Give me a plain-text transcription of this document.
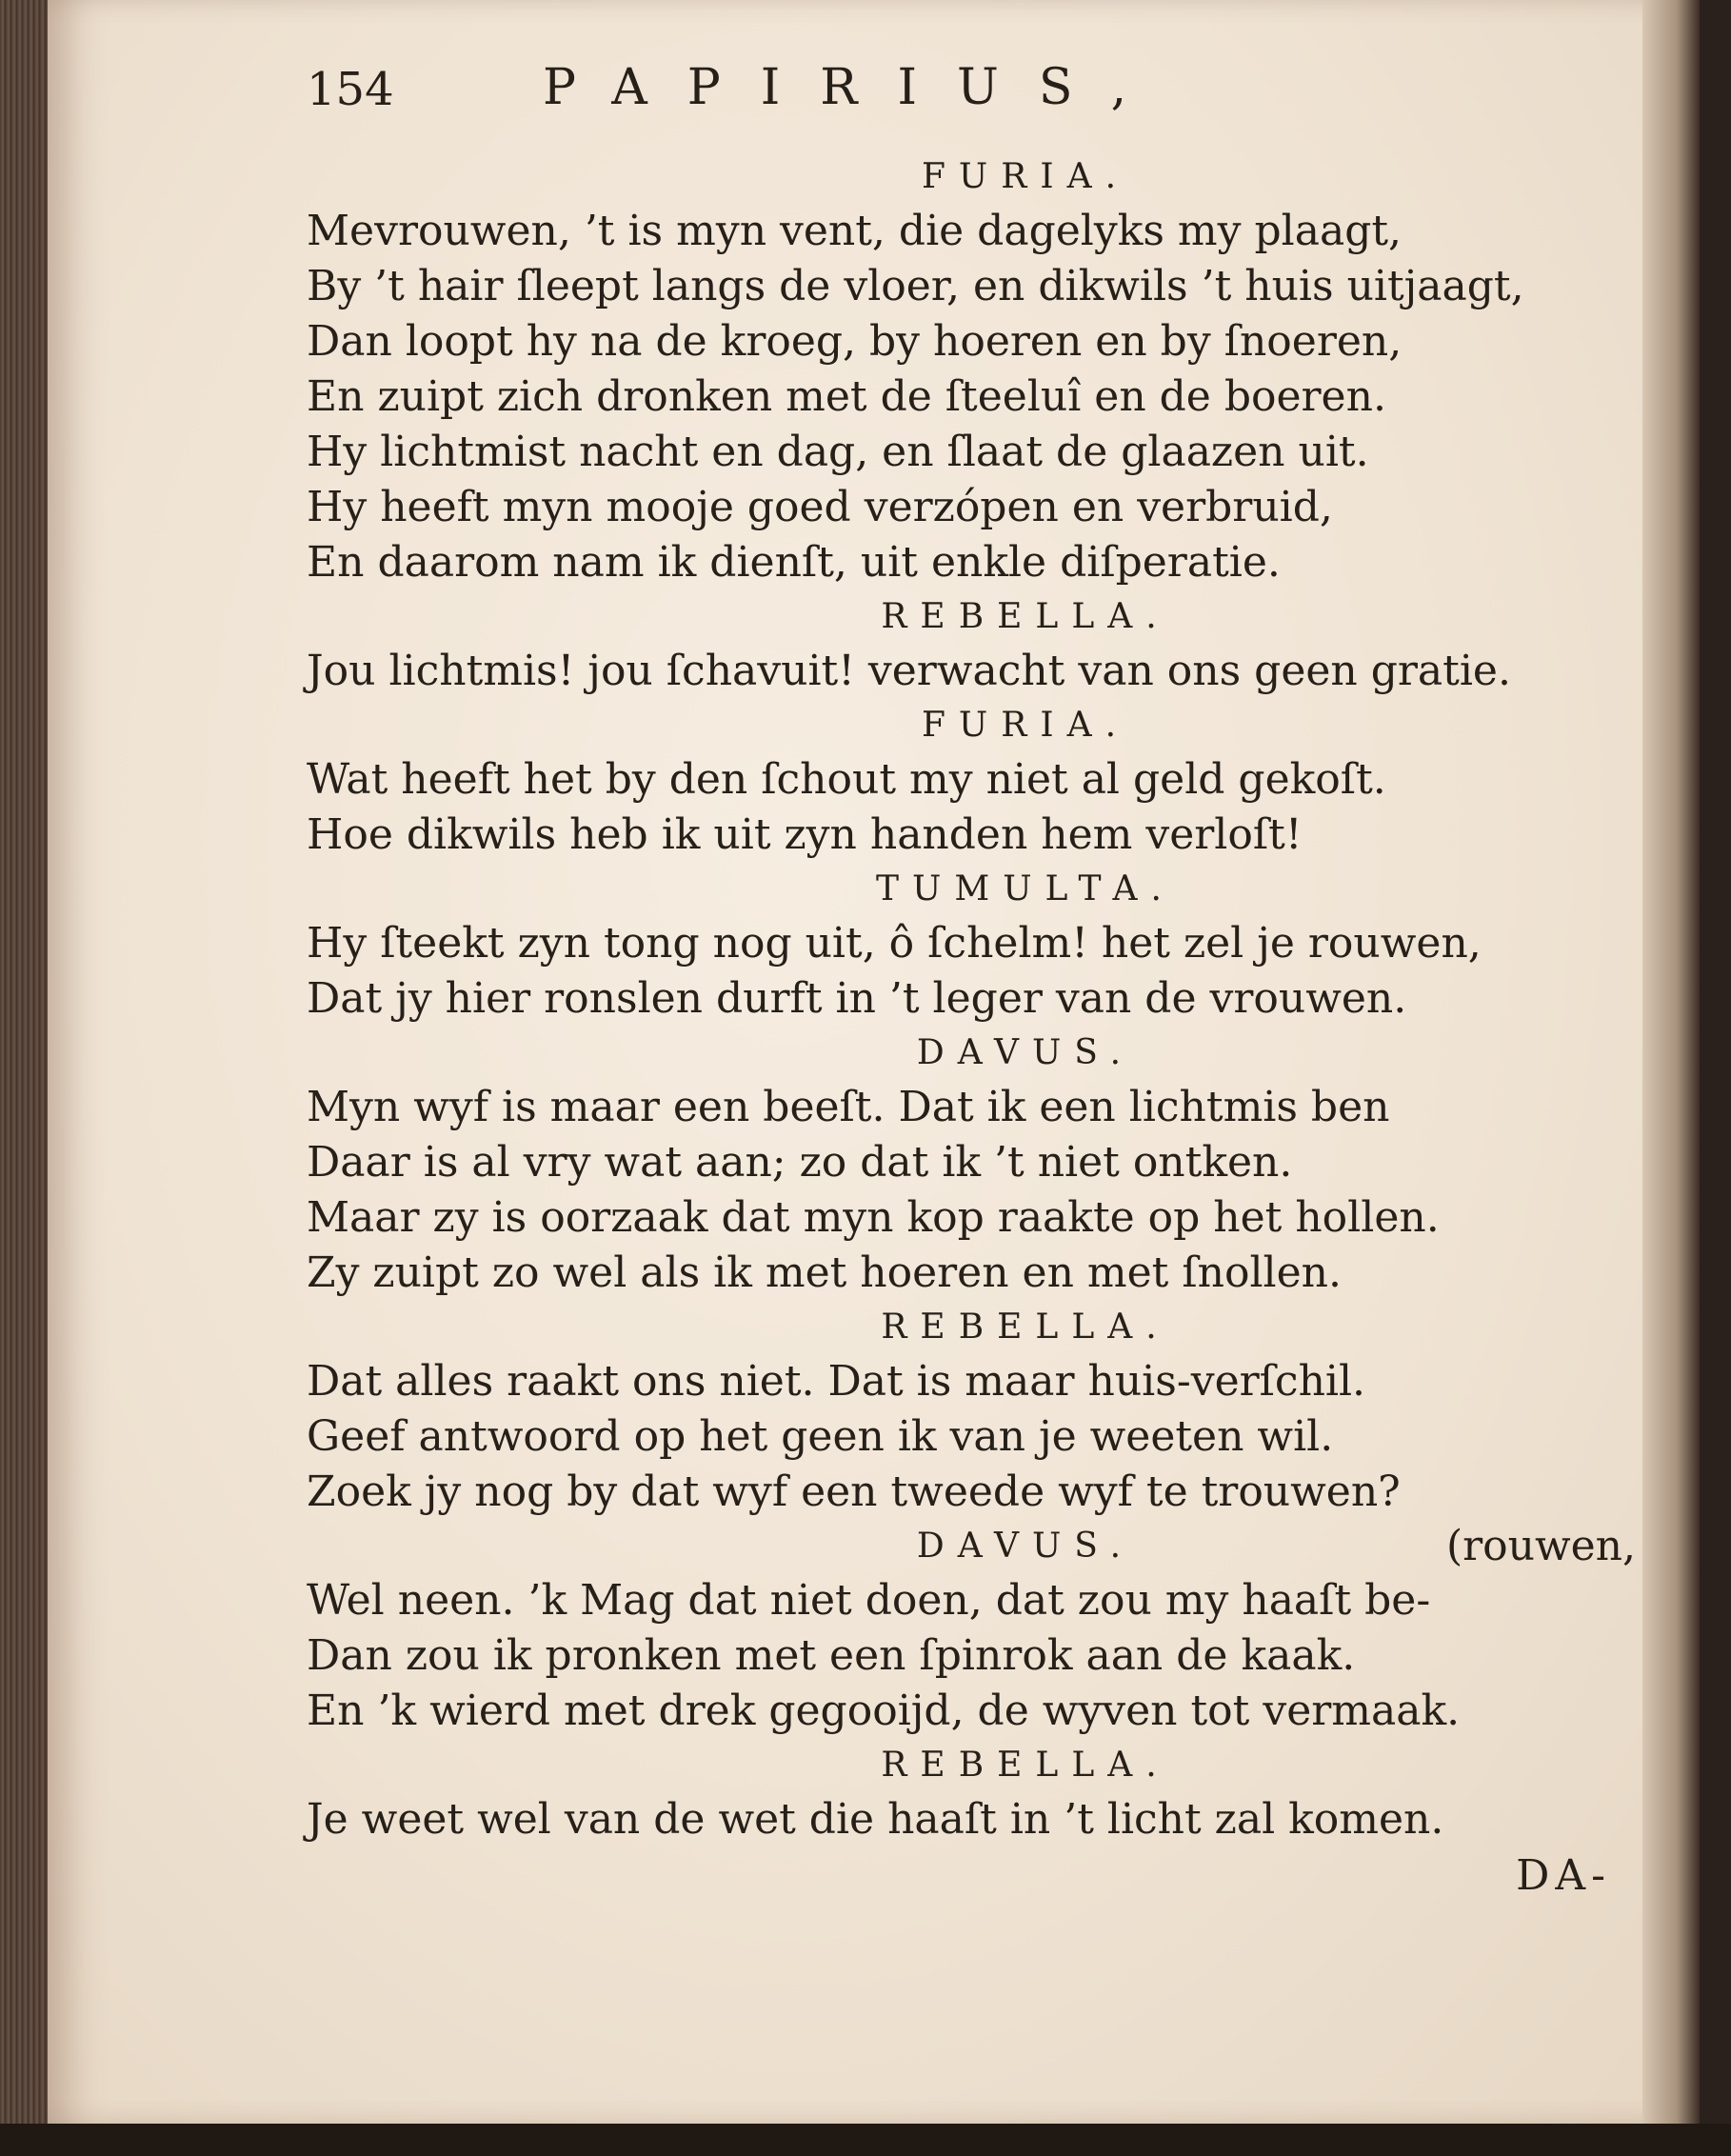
154	PAPIRIUS,
FURIA.
Mevrouwen, ’t is myn vent, die dagelyks my plaagt,
By ’t hair ſleept langs de vloer, en dikwils ’t huis uitjaagt,
Dan loopt hy na de kroeg, by hoeren en by ſnoeren,
En zuipt zich dronken met de ſteeluî en de boeren.
Hy lichtmist nacht en dag, en ſlaat de glaazen uit.
Hy heeft myn mooje goed verzópen en verbruid,
En daarom nam ik dienſt, uit enkle diſperatie.
REBELLA.
Jou lichtmis! jou ſchavuit! verwacht van ons geen gratie.
FURIA.
Wat heeft het by den ſchout my niet al geld gekoſt.
Hoe dikwils heb ik uit zyn handen hem verloſt!
TUMULTA.
Hy ſteekt zyn tong nog uit, ô ſchelm! het zel je rouwen,
Dat jy hier ronslen durft in ’t leger van de vrouwen.
DAVUS.
Myn wyf is maar een beeſt. Dat ik een lichtmis ben
Daar is al vry wat aan; zo dat ik ’t niet ontken.
Maar zy is oorzaak dat myn kop raakte op het hollen.
Zy zuipt zo wel als ik met hoeren en met ſnollen.
REBELLA.
Dat alles raakt ons niet. Dat is maar huis-verſchil.
Geef antwoord op het geen ik van je weeten wil.
Zoek jy nog by dat wyf een tweede wyf te trouwen?
DAVUS.	(rouwen,
Wel neen. ’k Mag dat niet doen, dat zou my haaſt be-
Dan zou ik pronken met een ſpinrok aan de kaak.
En ’k wierd met drek gegooijd, de wyven tot vermaak.
REBELLA.
Je weet wel van de wet die haaſt in ’t licht zal komen.
DA-
